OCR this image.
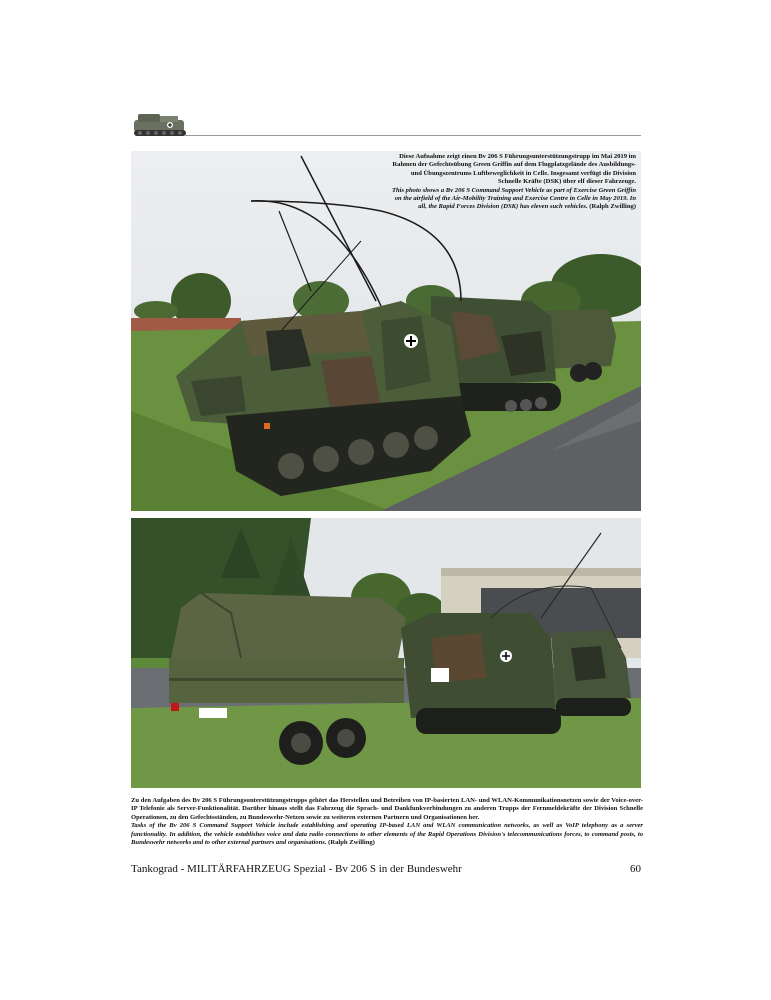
Diese Aufnahme zeigt einen Bv 206 S Führungsunterstützungstrupp im Mai 2019 im Rahmen der Gefechtsübung Green Griffin auf dem Flugplatzgelände des Ausbildungs- und Übungszentrums Luftbeweglichkeit in Celle. Insgesamt verfügt die Division Schnelle Kräfte (DSK) über elf dieser Fahrzeuge.
This photo shows a Bv 206 S Command Support Vehicle as part of Exercise Green Griffin on the airfield of the Air-Mobility Training and Exercise Centre in Celle in May 2019. In all, the Rapid Forces Division (DSK) has eleven such vehicles. (Ralph Zwilling)
Zu den Aufgaben des Bv 206 S Führungsunterstützungstrupps gehört das Herstellen und Betreiben von IP-basierten LAN- und WLAN-Kommunikationsnetzen sowie der Voice-over-IP Telefonie als Server-Funktionalität. Darüber hinaus stellt das Fahrzeug die Sprach- und Dankfunkverbindungen zu anderen Trupps der Fernmeldekräfte der Division Schnelle Operationen, zu den Gefechtsständen, zu Bundeswehr-Netzen sowie zu weiteren externen Partnern und Organisationen her.
Tasks of the Bv 206 S Command Support Vehicle include establishing and operating IP-based LAN and WLAN communication networks, as well as VoIP telephony as a server functionality. In addition, the vehicle establishes voice and data radio connections to other elements of the Rapid Operations Division's telecommunications forces, to command posts, to Bundeswehr networks and to other external partners and organisations. (Ralph Zwilling)
Tankograd - MILITÄRFAHRZEUG Spezial - Bv 206 S in der Bundeswehr	60
